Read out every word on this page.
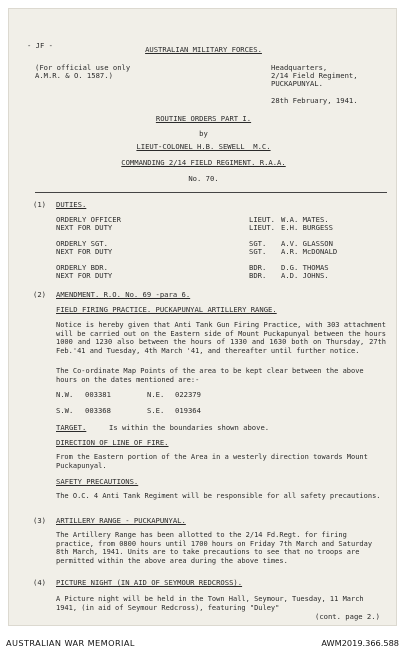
- JF -	AUSTRALIAN MILITARY FORCES.
(For official use only
A.M.R. & O. 1587.)
Headquarters,
2/14 Field Regiment,
PUCKAPUNYAL.
28th February, 1941.
ROUTINE ORDERS PART I.
by
LIEUT-COLONEL H.B. SEWELL  M.C.
COMMANDING 2/14 FIELD REGIMENT. R.A.A.
No. 70.
(1) DUTIES.
ORDERLY OFFICER	LIEUT. W.A. MATES.
NEXT FOR DUTY	LIEUT. E.H. BURGESS
ORDERLY SGT.	SGT. A.V. GLASSON
NEXT FOR DUTY	SGT. A.R. McDONALD
ORDERLY BDR.	BDR. D.G. THOMAS
NEXT FOR DUTY	BDR. A.D. JOHNS.
(2) AMENDMENT. R.O. No. 69 -para 6.
FIELD FIRING PRACTICE. PUCKAPUNYAL ARTILLERY RANGE.
Notice is hereby given that Anti Tank Gun Firing Practice, with 303 attachment will be carried out on the Eastern side of Mount Puckapunyal between the hours 1000 and 1230 also between the hours of 1330 and 1630 both on Thursday, 27th Feb.'41 and Tuesday, 4th March '41, and thereafter until further notice.
The Co-ordinate Map Points of the area to be kept clear between the above hours on the dates mentioned are:-
N.W. 003381	N.E. 022379
S.W. 003368	S.E. 019364
TARGET.	Is within the boundaries shown above.
DIRECTION OF LINE OF FIRE.
From the Eastern portion of the Area in a westerly direction towards Mount Puckapunyal.
SAFETY PRECAUTIONS.
The O.C. 4 Anti Tank Regiment will be responsible for all safety precautions.
(3) ARTILLERY RANGE - PUCKAPUNYAL.
The Artillery Range has been allotted to the 2/14 Fd.Regt. for firing practice, from 0800 hours until 1700 hours on Friday 7th March and Saturday 8th March, 1941. Units are to take precautions to see that no troops are permitted within the above area during the above times.
(4) PICTURE NIGHT (IN AID OF SEYMOUR REDCROSS).
A Picture night will be held in the Town Hall, Seymour, Tuesday, 11 March 1941, (in aid of Seymour Redcross), featuring "Duley"
(cont. page 2.)
AUSTRALIAN WAR MEMORIAL	AWM2019.366.588
